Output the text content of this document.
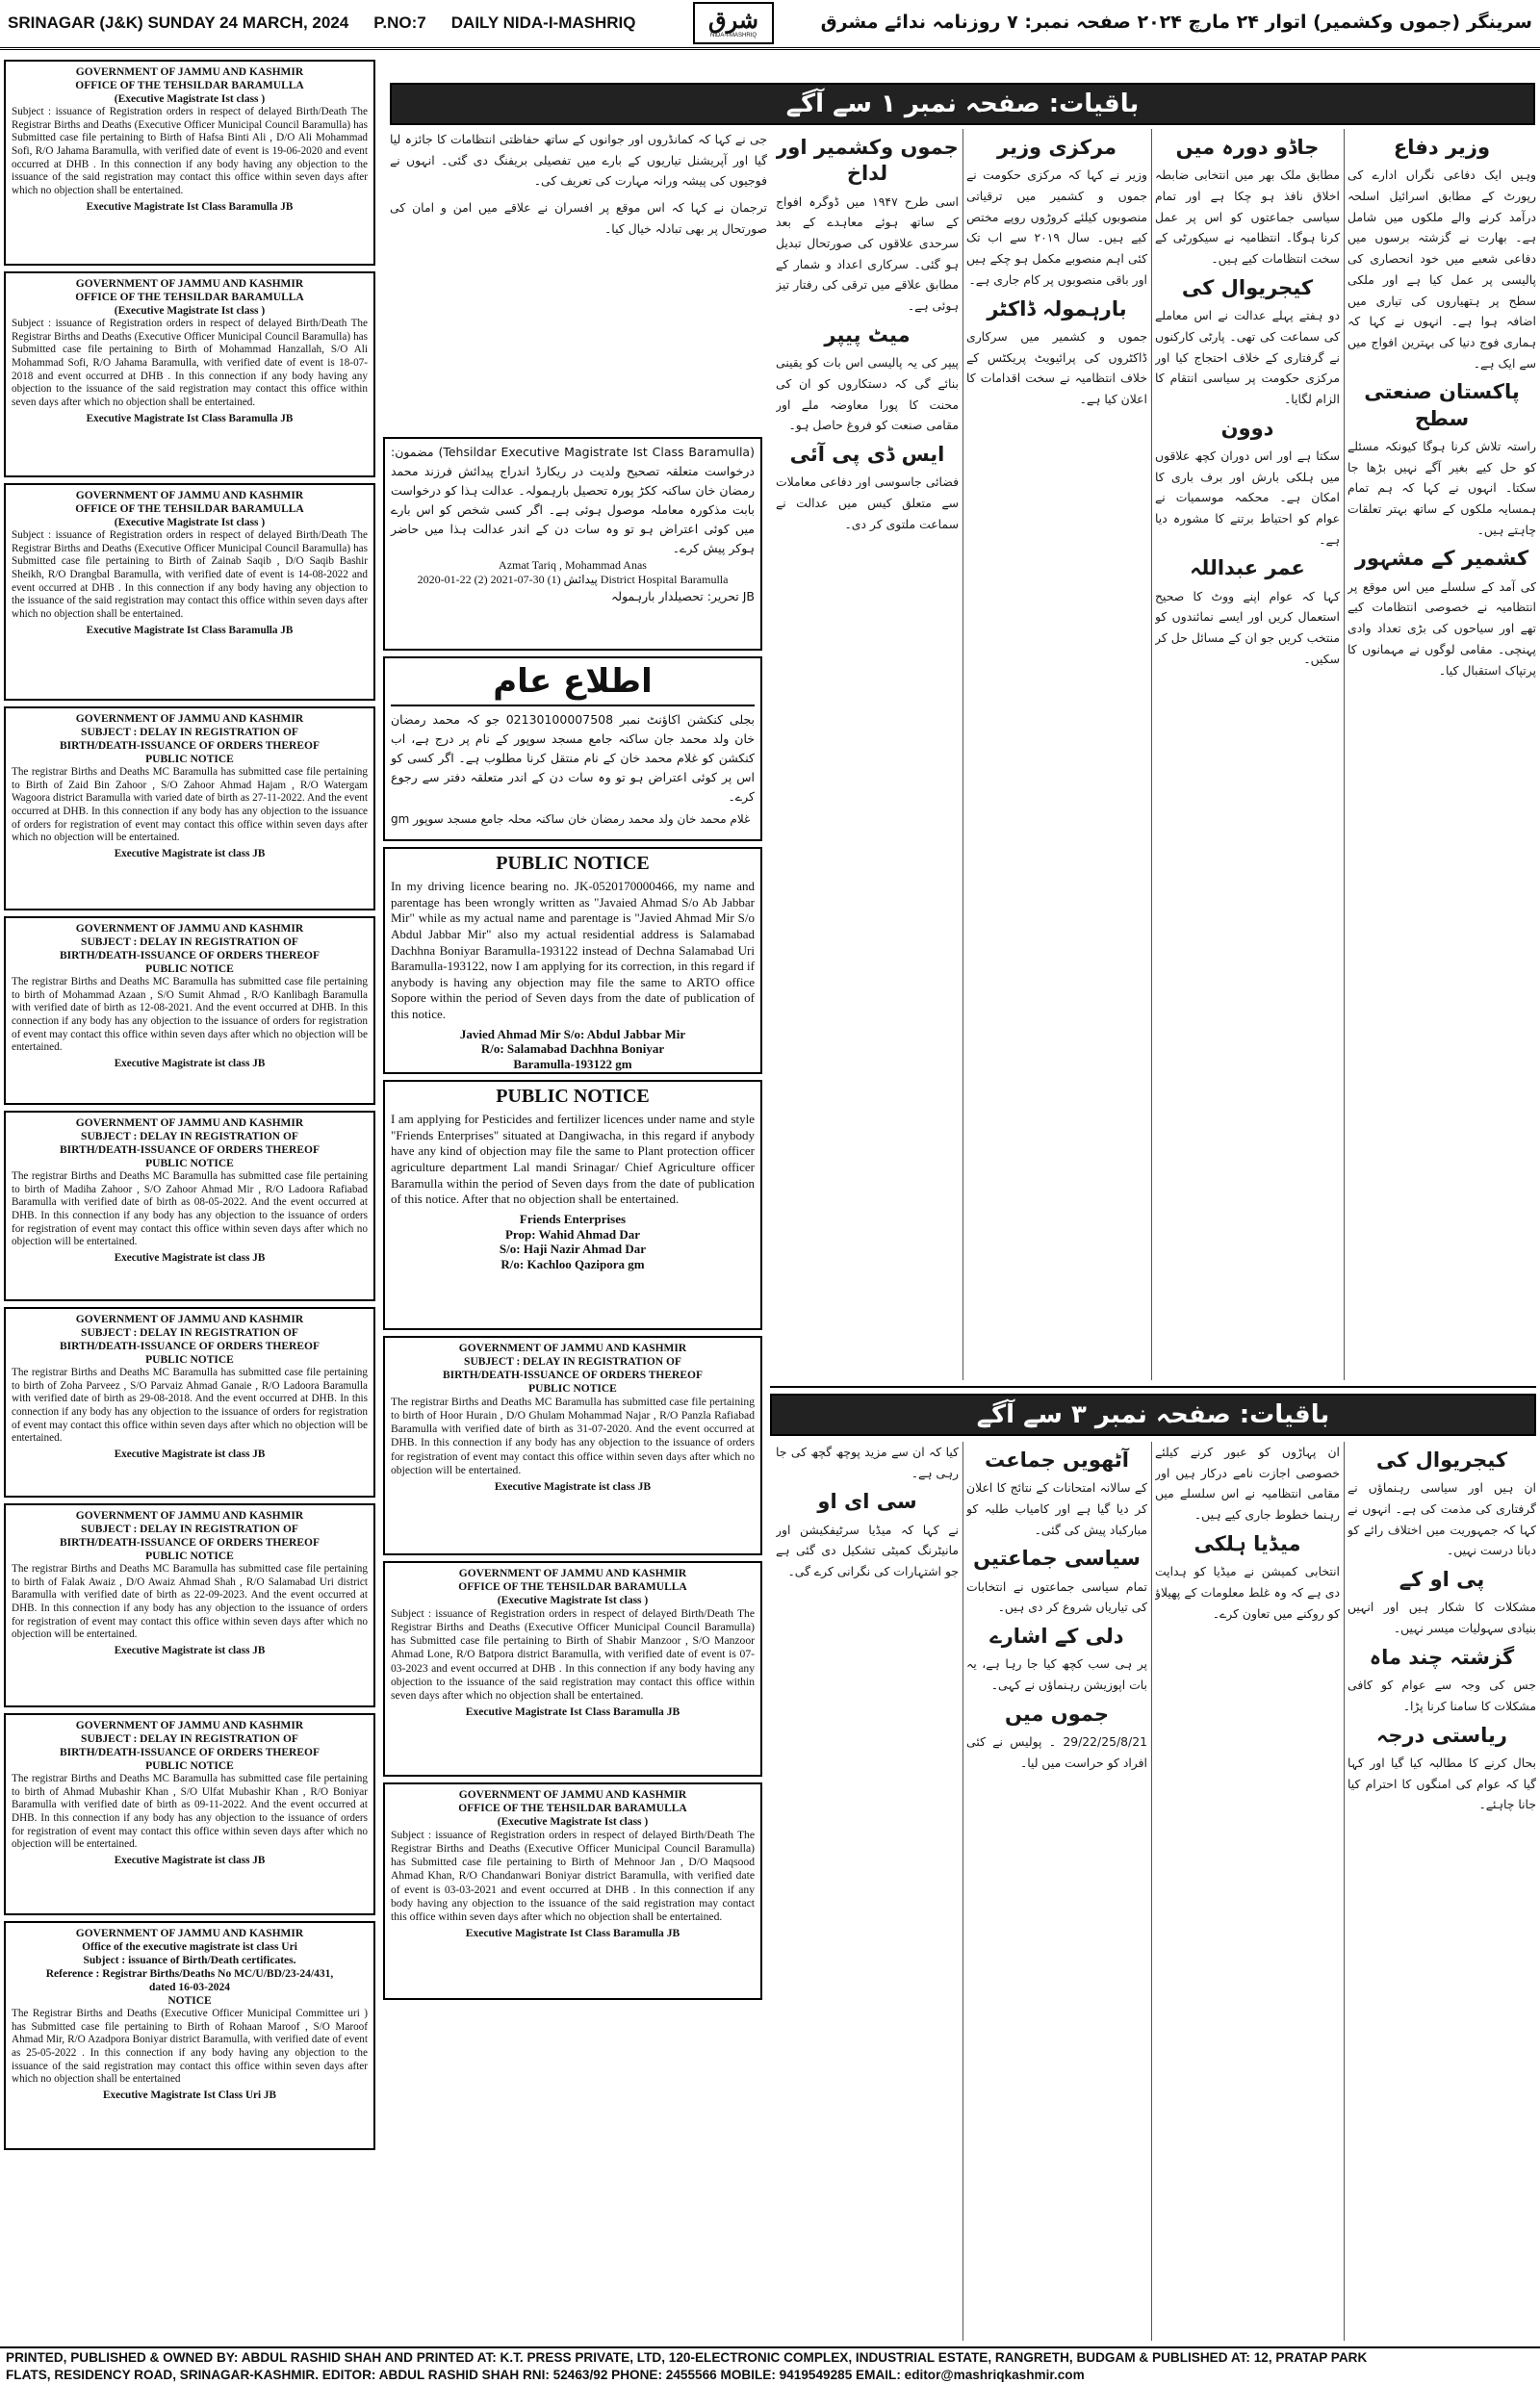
SRINAGAR (J&K) SUNDAY 24 MARCH, 2024 P.NO:7 DAILY NIDA-I-MASHRIQ	شرق
NIDA-I-MASHRIQ
سرینگر (جموں وکشمیر) اتوار ۲۴ مارچ ۲۰۲۴ صفحہ نمبر: ۷ روزنامہ ندائے مشرق
GOVERNMENT OF JAMMU AND KASHMIR
OFFICE OF THE TEHSILDAR BARAMULLA
(Executive Magistrate Ist class )
Subject : issuance of Registration orders in respect of delayed Birth/Death The Registrar Births and Deaths (Executive Officer Municipal Council Baramulla) has Submitted case file pertaining to Birth of Hafsa Binti Ali , D/O Ali Mohammad Sofi, R/O Jahama Baramulla, with verified date of event is 19-06-2020 and event occurred at DHB . In this connection if any body having any objection to the issuance of the said registration may contact this office within seven days after which no objection shall be entertained.
Executive Magistrate Ist Class Baramulla JB
GOVERNMENT OF JAMMU AND KASHMIR
OFFICE OF THE TEHSILDAR BARAMULLA
(Executive Magistrate Ist class )
Subject : issuance of Registration orders in respect of delayed Birth/Death The Registrar Births and Deaths (Executive Officer Municipal Council Baramulla) has Submitted case file pertaining to Birth of Mohammad Hanzallah, S/O Ali Mohammad Sofi, R/O Jahama Baramulla, with verified date of event is 18-07-2018 and event occurred at DHB . In this connection if any body having any objection to the issuance of the said registration may contact this office within seven days after which no objection shall be entertained.
Executive Magistrate Ist Class Baramulla JB
GOVERNMENT OF JAMMU AND KASHMIR
OFFICE OF THE TEHSILDAR BARAMULLA
(Executive Magistrate Ist class )
Subject : issuance of Registration orders in respect of delayed Birth/Death The Registrar Births and Deaths (Executive Officer Municipal Council Baramulla) has Submitted case file pertaining to Birth of Zainab Saqib , D/O Saqib Bashir Sheikh, R/O Drangbal Baramulla, with verified date of event is 14-08-2022 and event occurred at DHB . In this connection if any body having any objection to the issuance of the said registration may contact this office within seven days after which no objection shall be entertained.
Executive Magistrate Ist Class Baramulla JB
GOVERNMENT OF JAMMU AND KASHMIR
SUBJECT : DELAY IN REGISTRATION OF
BIRTH/DEATH-ISSUANCE OF ORDERS THEREOF
PUBLIC NOTICE
The registrar Births and Deaths MC Baramulla has submitted case file pertaining to Birth of Zaid Bin Zahoor , S/O Zahoor Ahmad Hajam , R/O Watergam Wagoora district Baramulla with varied date of birth as 27-11-2022. And the event occurred at DHB. In this connection if any body has any objection to the issuance of orders for registration of event may contact this office within seven days after which no objection will be entertained.
Executive Magistrate ist class JB
GOVERNMENT OF JAMMU AND KASHMIR
SUBJECT : DELAY IN REGISTRATION OF
BIRTH/DEATH-ISSUANCE OF ORDERS THEREOF
PUBLIC NOTICE
The registrar Births and Deaths MC Baramulla has submitted case file pertaining to birth of Mohammad Azaan , S/O Sumit Ahmad , R/O Kanlibagh Baramulla with verified date of birth as 12-08-2021. And the event occurred at DHB. In this connection if any body has any objection to the issuance of orders for registration of event may contact this office within seven days after which no objection will be entertained.
Executive Magistrate ist class JB
GOVERNMENT OF JAMMU AND KASHMIR
SUBJECT : DELAY IN REGISTRATION OF
BIRTH/DEATH-ISSUANCE OF ORDERS THEREOF
PUBLIC NOTICE
The registrar Births and Deaths MC Baramulla has submitted case file pertaining to birth of Madiha Zahoor , S/O Zahoor Ahmad Mir , R/O Ladoora Rafiabad Baramulla with verified date of birth as 08-05-2022. And the event occurred at DHB. In this connection if any body has any objection to the issuance of orders for registration of event may contact this office within seven days after which no objection will be entertained.
Executive Magistrate ist class JB
GOVERNMENT OF JAMMU AND KASHMIR
SUBJECT : DELAY IN REGISTRATION OF
BIRTH/DEATH-ISSUANCE OF ORDERS THEREOF
PUBLIC NOTICE
The registrar Births and Deaths MC Baramulla has submitted case file pertaining to birth of Zoha Parveez , S/O Parvaiz Ahmad Ganaie , R/O Ladoora Baramulla with verified date of birth as 29-08-2018. And the event occurred at DHB. In this connection if any body has any objection to the issuance of orders for registration of event may contact this office within seven days after which no objection will be entertained.
Executive Magistrate ist class JB
GOVERNMENT OF JAMMU AND KASHMIR
SUBJECT : DELAY IN REGISTRATION OF
BIRTH/DEATH-ISSUANCE OF ORDERS THEREOF
PUBLIC NOTICE
The registrar Births and Deaths MC Baramulla has submitted case file pertaining to birth of Falak Awaiz , D/O Awaiz Ahmad Shah , R/O Salamabad Uri district Baramulla with verified date of birth as 22-09-2023. And the event occurred at DHB. In this connection if any body has any objection to the issuance of orders for registration of event may contact this office within seven days after which no objection will be entertained.
Executive Magistrate ist class JB
GOVERNMENT OF JAMMU AND KASHMIR
SUBJECT : DELAY IN REGISTRATION OF
BIRTH/DEATH-ISSUANCE OF ORDERS THEREOF
PUBLIC NOTICE
The registrar Births and Deaths MC Baramulla has submitted case file pertaining to birth of Ahmad Mubashir Khan , S/O Ulfat Mubashir Khan , R/O Boniyar Baramulla with verified date of birth as 09-11-2022. And the event occurred at DHB. In this connection if any body has any objection to the issuance of orders for registration of event may contact this office within seven days after which no objection will be entertained.
Executive Magistrate ist class JB
GOVERNMENT OF JAMMU AND KASHMIR
Office of the executive magistrate ist class Uri
Subject : issuance of Birth/Death certificates.
Reference : Registrar Births/Deaths No MC/U/BD/23-24/431,
dated 16-03-2024
NOTICE
The Registrar Births and Deaths (Executive Officer Municipal Committee uri ) has Submitted case file pertaining to Birth of Rohaan Maroof , S/O Maroof Ahmad Mir, R/O Azadpora Boniyar district Baramulla, with verified date of event as 25-05-2022 . In this connection if any body having any objection to the issuance of the said registration may contact this office within seven days after which no objection shall be entertained
Executive Magistrate Ist Class Uri JB
(Tehsildar Executive Magistrate Ist Class Baramulla) مضمون: درخواست متعلقہ تصحیح ولدیت در ریکارڈ اندراج پیدائش فرزند محمد رمضان خان ساکنہ ککڑ پورہ تحصیل بارہمولہ۔ عدالت ہذا کو درخواست بابت مذکورہ معاملہ موصول ہوئی ہے۔ اگر کسی شخص کو اس بارے میں کوئی اعتراض ہو تو وہ سات دن کے اندر عدالت ہذا میں حاضر ہوکر پیش کرے۔
Azmat Tariq , Mohammad Anas
پیدائش (1) 30-07-2021 (2) 22-01-2020 District Hospital Baramulla
JB تحریر: تحصیلدار بارہمولہ
اطلاع عام
بجلی کنکشن اکاؤنٹ نمبر 02130100007508 جو کہ محمد رمضان خان ولد محمد جان ساکنہ جامع مسجد سوپور کے نام پر درج ہے، اب کنکشن کو غلام محمد خان کے نام منتقل کرنا مطلوب ہے۔ اگر کسی کو اس پر کوئی اعتراض ہو تو وہ سات دن کے اندر متعلقہ دفتر سے رجوع کرے۔
gm غلام محمد خان ولد محمد رمضان خان ساکنہ محلہ جامع مسجد سوپور
PUBLIC NOTICE
In my driving licence bearing no. JK-0520170000466, my name and parentage has been wrongly written as "Javaied Ahmad S/o Ab Jabbar Mir" while as my actual name and parentage is "Javied Ahmad Mir S/o Abdul Jabbar Mir" also my actual residential address is Salamabad Dachhna Boniyar Baramulla-193122 instead of Dechna Salamabad Uri Baramulla-193122, now I am applying for its correction, in this regard if anybody is having any objection may file the same to ARTO office Sopore within the period of Seven days from the date of publication of this notice.
Javied Ahmad Mir S/o: Abdul Jabbar Mir
R/o: Salamabad Dachhna Boniyar
Baramulla-193122 gm
PUBLIC NOTICE
I am applying for Pesticides and fertilizer licences under name and style "Friends Enterprises" situated at Dangiwacha, in this regard if anybody have any kind of objection may file the same to Plant protection officer agriculture department Lal mandi Srinagar/ Chief Agriculture officer Baramulla within the period of Seven days from the date of publication of this notice. After that no objection shall be entertained.
Friends Enterprises
Prop: Wahid Ahmad Dar
S/o: Haji Nazir Ahmad Dar
R/o: Kachloo Qazipora gm
GOVERNMENT OF JAMMU AND KASHMIR
SUBJECT : DELAY IN REGISTRATION OF
BIRTH/DEATH-ISSUANCE OF ORDERS THEREOF
PUBLIC NOTICE
The registrar Births and Deaths MC Baramulla has submitted case file pertaining to birth of Hoor Hurain , D/O Ghulam Mohammad Najar , R/O Panzla Rafiabad Baramulla with verified date of birth as 31-07-2020. And the event occurred at DHB. In this connection if any body has any objection to the issuance of orders for registration of event may contact this office within seven days after which no objection will be entertained.
Executive Magistrate ist class JB
GOVERNMENT OF JAMMU AND KASHMIR
OFFICE OF THE TEHSILDAR BARAMULLA
(Executive Magistrate Ist class )
Subject : issuance of Registration orders in respect of delayed Birth/Death The Registrar Births and Deaths (Executive Officer Municipal Council Baramulla) has Submitted case file pertaining to Birth of Shabir Manzoor , S/O Manzoor Ahmad Lone, R/O Batpora district Baramulla, with verified date of event is 07-03-2023 and event occurred at DHB . In this connection if any body having any objection to the issuance of the said registration may contact this office within seven days after which no objection shall be entertained.
Executive Magistrate Ist Class Baramulla JB
GOVERNMENT OF JAMMU AND KASHMIR
OFFICE OF THE TEHSILDAR BARAMULLA
(Executive Magistrate Ist class )
Subject : issuance of Registration orders in respect of delayed Birth/Death The Registrar Births and Deaths (Executive Officer Municipal Council Baramulla) has Submitted case file pertaining to Birth of Mehnoor Jan , D/O Maqsood Ahmad Khan, R/O Chandanwari Boniyar district Baramulla, with verified date of event is 03-03-2021 and event occurred at DHB . In this connection if any body having any objection to the issuance of the said registration may contact this office within seven days after which no objection shall be entertained.
Executive Magistrate Ist Class Baramulla JB
باقیات: صفحہ نمبر ۱ سے آگے
وزیر دفاع

وہیں ایک دفاعی نگراں ادارے کی رپورٹ کے مطابق اسرائیل اسلحہ درآمد کرنے والے ملکوں میں شامل ہے۔ بھارت نے گزشتہ برسوں میں دفاعی شعبے میں خود انحصاری کی پالیسی پر عمل کیا ہے اور ملکی سطح پر ہتھیاروں کی تیاری میں اضافہ ہوا ہے۔ انہوں نے کہا کہ ہماری فوج دنیا کی بہترین افواج میں سے ایک ہے۔

پاکستان صنعتی سطح

راستہ تلاش کرنا ہوگا کیونکہ مسئلے کو حل کیے بغیر آگے نہیں بڑھا جا سکتا۔ انہوں نے کہا کہ ہم تمام ہمسایہ ملکوں کے ساتھ بہتر تعلقات چاہتے ہیں۔

کشمیر کے مشہور

کی آمد کے سلسلے میں اس موقع پر انتظامیہ نے خصوصی انتظامات کیے تھے اور سیاحوں کی بڑی تعداد وادی پہنچی۔ مقامی لوگوں نے مہمانوں کا پرتپاک استقبال کیا۔

جاڈو دورہ میں

مطابق ملک بھر میں انتخابی ضابطہ اخلاق نافذ ہو چکا ہے اور تمام سیاسی جماعتوں کو اس پر عمل کرنا ہوگا۔ انتظامیہ نے سیکورٹی کے سخت انتظامات کیے ہیں۔

کیجریوال کی

دو ہفتے پہلے عدالت نے اس معاملے کی سماعت کی تھی۔ پارٹی کارکنوں نے گرفتاری کے خلاف احتجاج کیا اور مرکزی حکومت پر سیاسی انتقام کا الزام لگایا۔

دوون

سکتا ہے اور اس دوران کچھ علاقوں میں ہلکی بارش اور برف باری کا امکان ہے۔ محکمہ موسمیات نے عوام کو احتیاط برتنے کا مشورہ دیا ہے۔

عمر عبداللہ

کہا کہ عوام اپنے ووٹ کا صحیح استعمال کریں اور ایسے نمائندوں کو منتخب کریں جو ان کے مسائل حل کر سکیں۔

مرکزی وزیر

وزیر نے کہا کہ مرکزی حکومت نے جموں و کشمیر میں ترقیاتی منصوبوں کیلئے کروڑوں روپے مختص کیے ہیں۔ سال ۲۰۱۹ سے اب تک کئی اہم منصوبے مکمل ہو چکے ہیں اور باقی منصوبوں پر کام جاری ہے۔

بارہمولہ ڈاکٹر

جموں و کشمیر میں سرکاری ڈاکٹروں کی پرائیویٹ پریکٹس کے خلاف انتظامیہ نے سخت اقدامات کا اعلان کیا ہے۔

جموں وکشمیر اور لداخ

اسی طرح ۱۹۴۷ میں ڈوگرہ افواج کے ساتھ ہوئے معاہدے کے بعد سرحدی علاقوں کی صورتحال تبدیل ہو گئی۔ سرکاری اعداد و شمار کے مطابق علاقے میں ترقی کی رفتار تیز ہوئی ہے۔

میٹ پیپر

پیپر کی یہ پالیسی اس بات کو یقینی بنائے گی کہ دستکاروں کو ان کی محنت کا پورا معاوضہ ملے اور مقامی صنعت کو فروغ حاصل ہو۔

ایس ڈی پی آئی

فضائی جاسوسی اور دفاعی معاملات سے متعلق کیس میں عدالت نے سماعت ملتوی کر دی۔

جی نے کہا کہ کمانڈروں اور جوانوں کے ساتھ حفاظتی انتظامات کا جائزہ لیا گیا اور آپریشنل تیاریوں کے بارے میں تفصیلی بریفنگ دی گئی۔ انہوں نے فوجیوں کی پیشہ ورانہ مہارت کی تعریف کی۔

ترجمان نے کہا کہ اس موقع پر افسران نے علاقے میں امن و امان کی صورتحال پر بھی تبادلہ خیال کیا۔

باقیات: صفحہ نمبر ۳ سے آگے
کیجریوال کی

ان ہیں اور سیاسی رہنماؤں نے گرفتاری کی مذمت کی ہے۔ انہوں نے کہا کہ جمہوریت میں اختلاف رائے کو دبانا درست نہیں۔

پی او کے

مشکلات کا شکار ہیں اور انہیں بنیادی سہولیات میسر نہیں۔

گزشتہ چند ماہ

جس کی وجہ سے عوام کو کافی مشکلات کا سامنا کرنا پڑا۔

ریاستی درجہ

بحال کرنے کا مطالبہ کیا گیا اور کہا گیا کہ عوام کی امنگوں کا احترام کیا جانا چاہئے۔

ان پہاڑوں کو عبور کرنے کیلئے خصوصی اجازت نامے درکار ہیں اور مقامی انتظامیہ نے اس سلسلے میں رہنما خطوط جاری کیے ہیں۔

میڈیا ہلکی

انتخابی کمیشن نے میڈیا کو ہدایت دی ہے کہ وہ غلط معلومات کے پھیلاؤ کو روکنے میں تعاون کرے۔

آٹھویں جماعت

کے سالانہ امتحانات کے نتائج کا اعلان کر دیا گیا ہے اور کامیاب طلبہ کو مبارکباد پیش کی گئی۔

سیاسی جماعتیں

تمام سیاسی جماعتوں نے انتخابات کی تیاریاں شروع کر دی ہیں۔

دلی کے اشارے

پر ہی سب کچھ کیا جا رہا ہے، یہ بات اپوزیشن رہنماؤں نے کہی۔

جموں میں

29/22/25/8/21 ۔ پولیس نے کئی افراد کو حراست میں لیا۔

کیا کہ ان سے مزید پوچھ گچھ کی جا رہی ہے۔

سی ای او

نے کہا کہ میڈیا سرٹیفکیشن اور مانیٹرنگ کمیٹی تشکیل دی گئی ہے جو اشتہارات کی نگرانی کرے گی۔

PRINTED, PUBLISHED & OWNED BY: ABDUL RASHID SHAH AND PRINTED AT: K.T. PRESS PRIVATE, LTD, 120-ELECTRONIC COMPLEX, INDUSTRIAL ESTATE, RANGRETH, BUDGAM & PUBLISHED AT: 12, PRATAP PARK
FLATS, RESIDENCY ROAD, SRINAGAR-KASHMIR. EDITOR: ABDUL RASHID SHAH RNI: 52463/92 PHONE: 2455566 MOBILE: 9419549285 EMAIL: editor@mashriqkashmir.com
